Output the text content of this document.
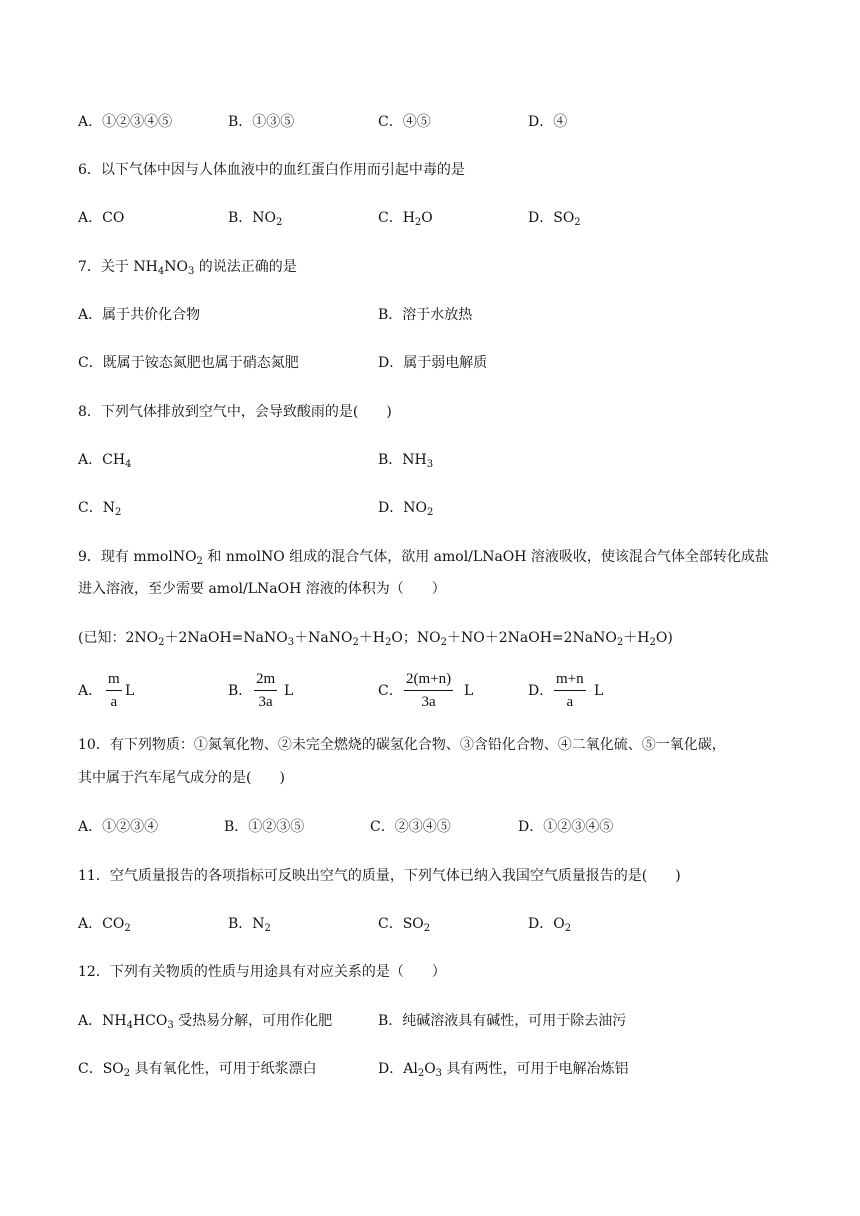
A．①②③④⑤	B．①③⑤	C．④⑤	D．④
6．以下气体中因与人体血液中的血红蛋白作用而引起中毒的是
A．CO	B．$NO_2$	C．$H_2O$	D．$SO_2$
7．关于 $NH_4NO_3$ 的说法正确的是
A．属于共价化合物	B．溶于水放热
C．既属于铵态氮肥也属于硝态氮肥	D．属于弱电解质
8．下列气体排放到空气中，会导致酸雨的是(　　)
A．$CH_4$	B．$NH_3$
C．$N_2$	D．$NO_2$
9．现有 mmolNO$_2$ 和 nmolNO 组成的混合气体，欲用 amol/LNaOH 溶液吸收，使该混合气体全部转化成盐
进入溶液，至少需要 amol/LNaOH 溶液的体积为（　　）
(已知：$2NO_2+2NaOH=NaNO_3+NaNO_2+H_2O$；$NO_2+NO+2NaOH=2NaNO_2+H_2O$)
A． $\frac{m}{a}$ L	B． $\frac{2m}{3a}$ L	C． $\frac{2(m+n)}{3a}$ L	D． $\frac{m+n}{a}$ L
10．有下列物质：①氮氧化物、②未完全燃烧的碳氢化合物、③含铅化合物、④二氧化硫、⑤一氧化碳，
其中属于汽车尾气成分的是(　　)
A．①②③④	B．①②③⑤	C．②③④⑤	D．①②③④⑤
11．空气质量报告的各项指标可反映出空气的质量，下列气体已纳入我国空气质量报告的是(　　)
A．$CO_2$	B．$N_2$	C．$SO_2$	D．$O_2$
12．下列有关物质的性质与用途具有对应关系的是（　　）
A．$NH_4HCO_3$ 受热易分解，可用作化肥	B．纯碱溶液具有碱性，可用于除去油污
C．$SO_2$ 具有氧化性，可用于纸浆漂白	D．$Al_2O_3$ 具有两性，可用于电解冶炼铝
